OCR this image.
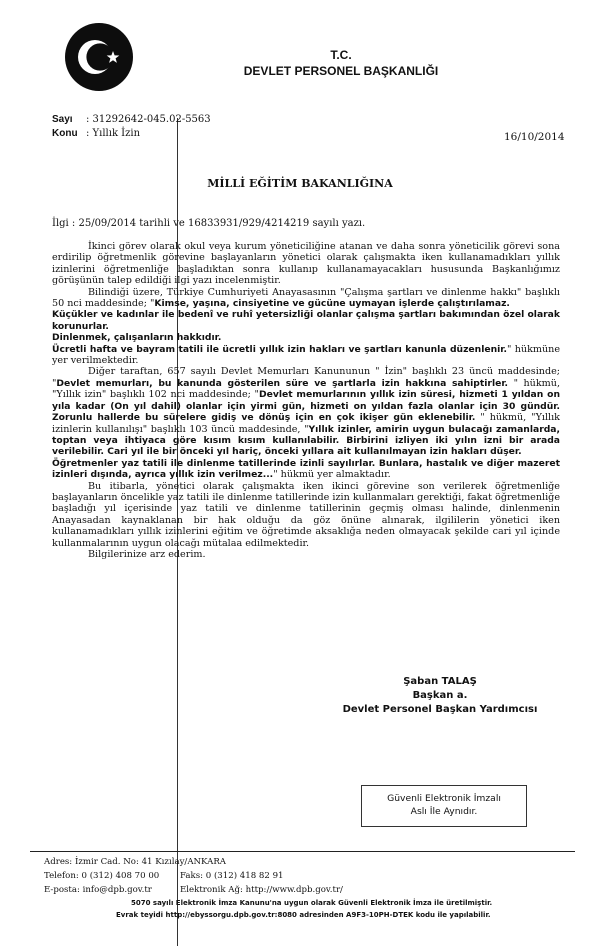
T.C.
DEVLET PERSONEL BAŞKANLIĞI
Sayı : 31292642-045.02-5563
Konu : Yıllık İzin	16/10/2014
MİLLİ EĞİTİM BAKANLIĞINA
İlgi : 25/09/2014 tarihli ve 16833931/929/4214219 sayılı yazı.

İkinci görev olarak okul veya kurum yöneticiliğine atanan ve daha sonra yöneticilik görevi sona erdirilip öğretmenlik görevine başlayanların yönetici olarak çalışmakta iken kullanamadıkları yıllık izinlerini öğretmenliğe başladıktan sonra kullanıp kullanamayacakları hususunda Başkanlığımız görüşünün talep edildiği ilgi yazı incelenmiştir.

Bilindiği üzere, Türkiye Cumhuriyeti Anayasasının "Çalışma şartları ve dinlenme hakkı" başlıklı 50 nci maddesinde; "Kimse, yaşına, cinsiyetine ve gücüne uymayan işlerde çalıştırılamaz.

Küçükler ve kadınlar ile bedenî ve ruhî yetersizliği olanlar çalışma şartları bakımından özel olarak korunurlar.

Dinlenmek, çalışanların hakkıdır.

Ücretli hafta ve bayram tatili ile ücretli yıllık izin hakları ve şartları kanunla düzenlenir." hükmüne yer verilmektedir.

Diğer taraftan, 657 sayılı Devlet Memurları Kanununun " İzin" başlıklı 23 üncü maddesinde; "Devlet memurları, bu kanunda gösterilen süre ve şartlarla izin hakkına sahiptirler. " hükmü, "Yıllık izin" başlıklı 102 nci maddesinde; "Devlet memurlarının yıllık izin süresi, hizmeti 1 yıldan on yıla kadar (On yıl dahil) olanlar için yirmi gün, hizmeti on yıldan fazla olanlar için 30 gündür. Zorunlu hallerde bu sürelere gidiş ve dönüş için en çok ikişer gün eklenebilir. " hükmü, "Yıllık izinlerin kullanılışı" başlıklı 103 üncü maddesinde, "Yıllık izinler, amirin uygun bulacağı zamanlarda, toptan veya ihtiyaca göre kısım kısım kullanılabilir. Birbirini izliyen iki yılın izni bir arada verilebilir. Cari yıl ile bir önceki yıl hariç, önceki yıllara ait kullanılmayan izin hakları düşer.

Öğretmenler yaz tatili ile dinlenme tatillerinde izinli sayılırlar. Bunlara, hastalık ve diğer mazeret izinleri dışında, ayrıca yıllık izin verilmez..." hükmü yer almaktadır.

Bu itibarla, yönetici olarak çalışmakta iken ikinci görevine son verilerek öğretmenliğe başlayanların öncelikle yaz tatili ile dinlenme tatillerinde izin kullanmaları gerektiği, fakat öğretmenliğe başladığı yıl içerisinde yaz tatili ve dinlenme tatillerinin geçmiş olması halinde, dinlenmenin Anayasadan kaynaklanan bir hak olduğu da göz önüne alınarak, ilgililerin yönetici iken kullanamadıkları yıllık izinlerini eğitim ve öğretimde aksaklığa neden olmayacak şekilde cari yıl içinde kullanmalarının uygun olacağı mütalaa edilmektedir.

Bilgilerinize arz ederim.

Şaban TALAŞ
Başkan a.
Devlet Personel Başkan Yardımcısı
Güvenli Elektronik İmzalı
Aslı İle Aynıdır.
Adres: İzmir Cad. No: 41 Kızılay/ANKARA
Telefon: 0 (312) 408 70 00 Faks: 0 (312) 418 82 91
E-posta: info@dpb.gov.tr	Elektronik Ağ: http://www.dpb.gov.tr/
5070 sayılı Elektronik İmza Kanunu'na uygun olarak Güvenli Elektronik İmza ile üretilmiştir.
Evrak teyidi http://ebyssorgu.dpb.gov.tr:8080 adresinden A9F3-10PH-DTEK kodu ile yapılabilir.
